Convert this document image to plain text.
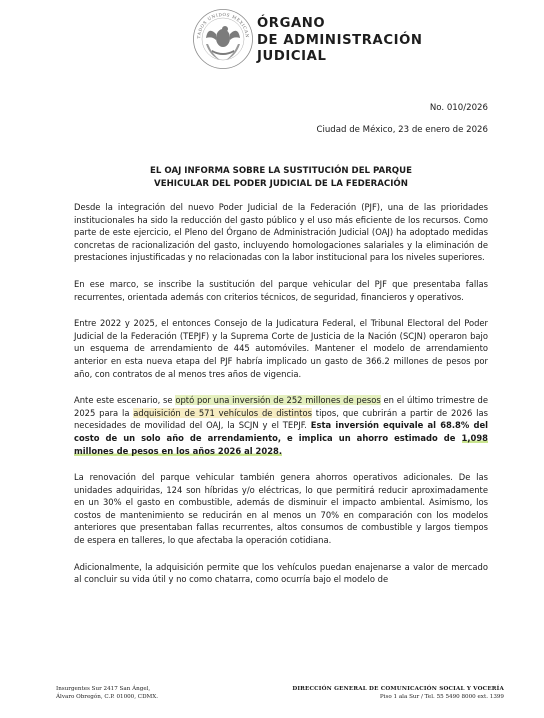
TADOS UNIDOS MEXICAN
ÓRGANO
DE ADMINISTRACIÓN
JUDICIAL
No. 010/2026
Ciudad de México, 23 de enero de 2026
EL OAJ INFORMA SOBRE LA SUSTITUCIÓN DEL PARQUE
VEHICULAR DEL PODER JUDICIAL DE LA FEDERACIÓN

Desde la integración del nuevo Poder Judicial de la Federación (PJF), una de las prioridades institucionales ha sido la reducción del gasto público y el uso más eficiente de los recursos. Como parte de este ejercicio, el Pleno del Órgano de Administración Judicial (OAJ) ha adoptado medidas concretas de racionalización del gasto, incluyendo homologaciones salariales y la eliminación de prestaciones injustificadas y no relacionadas con la labor institucional para los niveles superiores.

En ese marco, se inscribe la sustitución del parque vehicular del PJF que presentaba fallas recurrentes, orientada además con criterios técnicos, de seguridad, financieros y operativos.

Entre 2022 y 2025, el entonces Consejo de la Judicatura Federal, el Tribunal Electoral del Poder Judicial de la Federación (TEPJF) y la Suprema Corte de Justicia de la Nación (SCJN) operaron bajo un esquema de arrendamiento de 445 automóviles. Mantener el modelo de arrendamiento anterior en esta nueva etapa del PJF habría implicado un gasto de 366.2 millones de pesos por año, con contratos de al menos tres años de vigencia.

Ante este escenario, se optó por una inversión de 252 millones de pesos en el último trimestre de 2025 para la adquisición de 571 vehículos de distintos tipos, que cubrirán a partir de 2026 las necesidades de movilidad del OAJ, la SCJN y el TEPJF. Esta inversión equivale al 68.8% del costo de un solo año de arrendamiento, e implica un ahorro estimado de 1,098 millones de pesos en los años 2026 al 2028.

La renovación del parque vehicular también genera ahorros operativos adicionales. De las unidades adquiridas, 124 son híbridas y/o eléctricas, lo que permitirá reducir aproximadamente en un 30% el gasto en combustible, además de disminuir el impacto ambiental. Asimismo, los costos de mantenimiento se reducirán en al menos un 70% en comparación con los modelos anteriores que presentaban fallas recurrentes, altos consumos de combustible y largos tiempos de espera en talleres, lo que afectaba la operación cotidiana.

Adicionalmente, la adquisición permite que los vehículos puedan enajenarse a valor de mercado al concluir su vida útil y no como chatarra, como ocurría bajo el modelo de

Insurgentes Sur 2417 San Ángel,
Álvaro Obregón, C.P. 01000, CDMX.
DIRECCIÓN GENERAL DE COMUNICACIÓN SOCIAL Y VOCERÍA
Piso 1 ala Sur / Tel. 55 5490 8000 ext. 1399
